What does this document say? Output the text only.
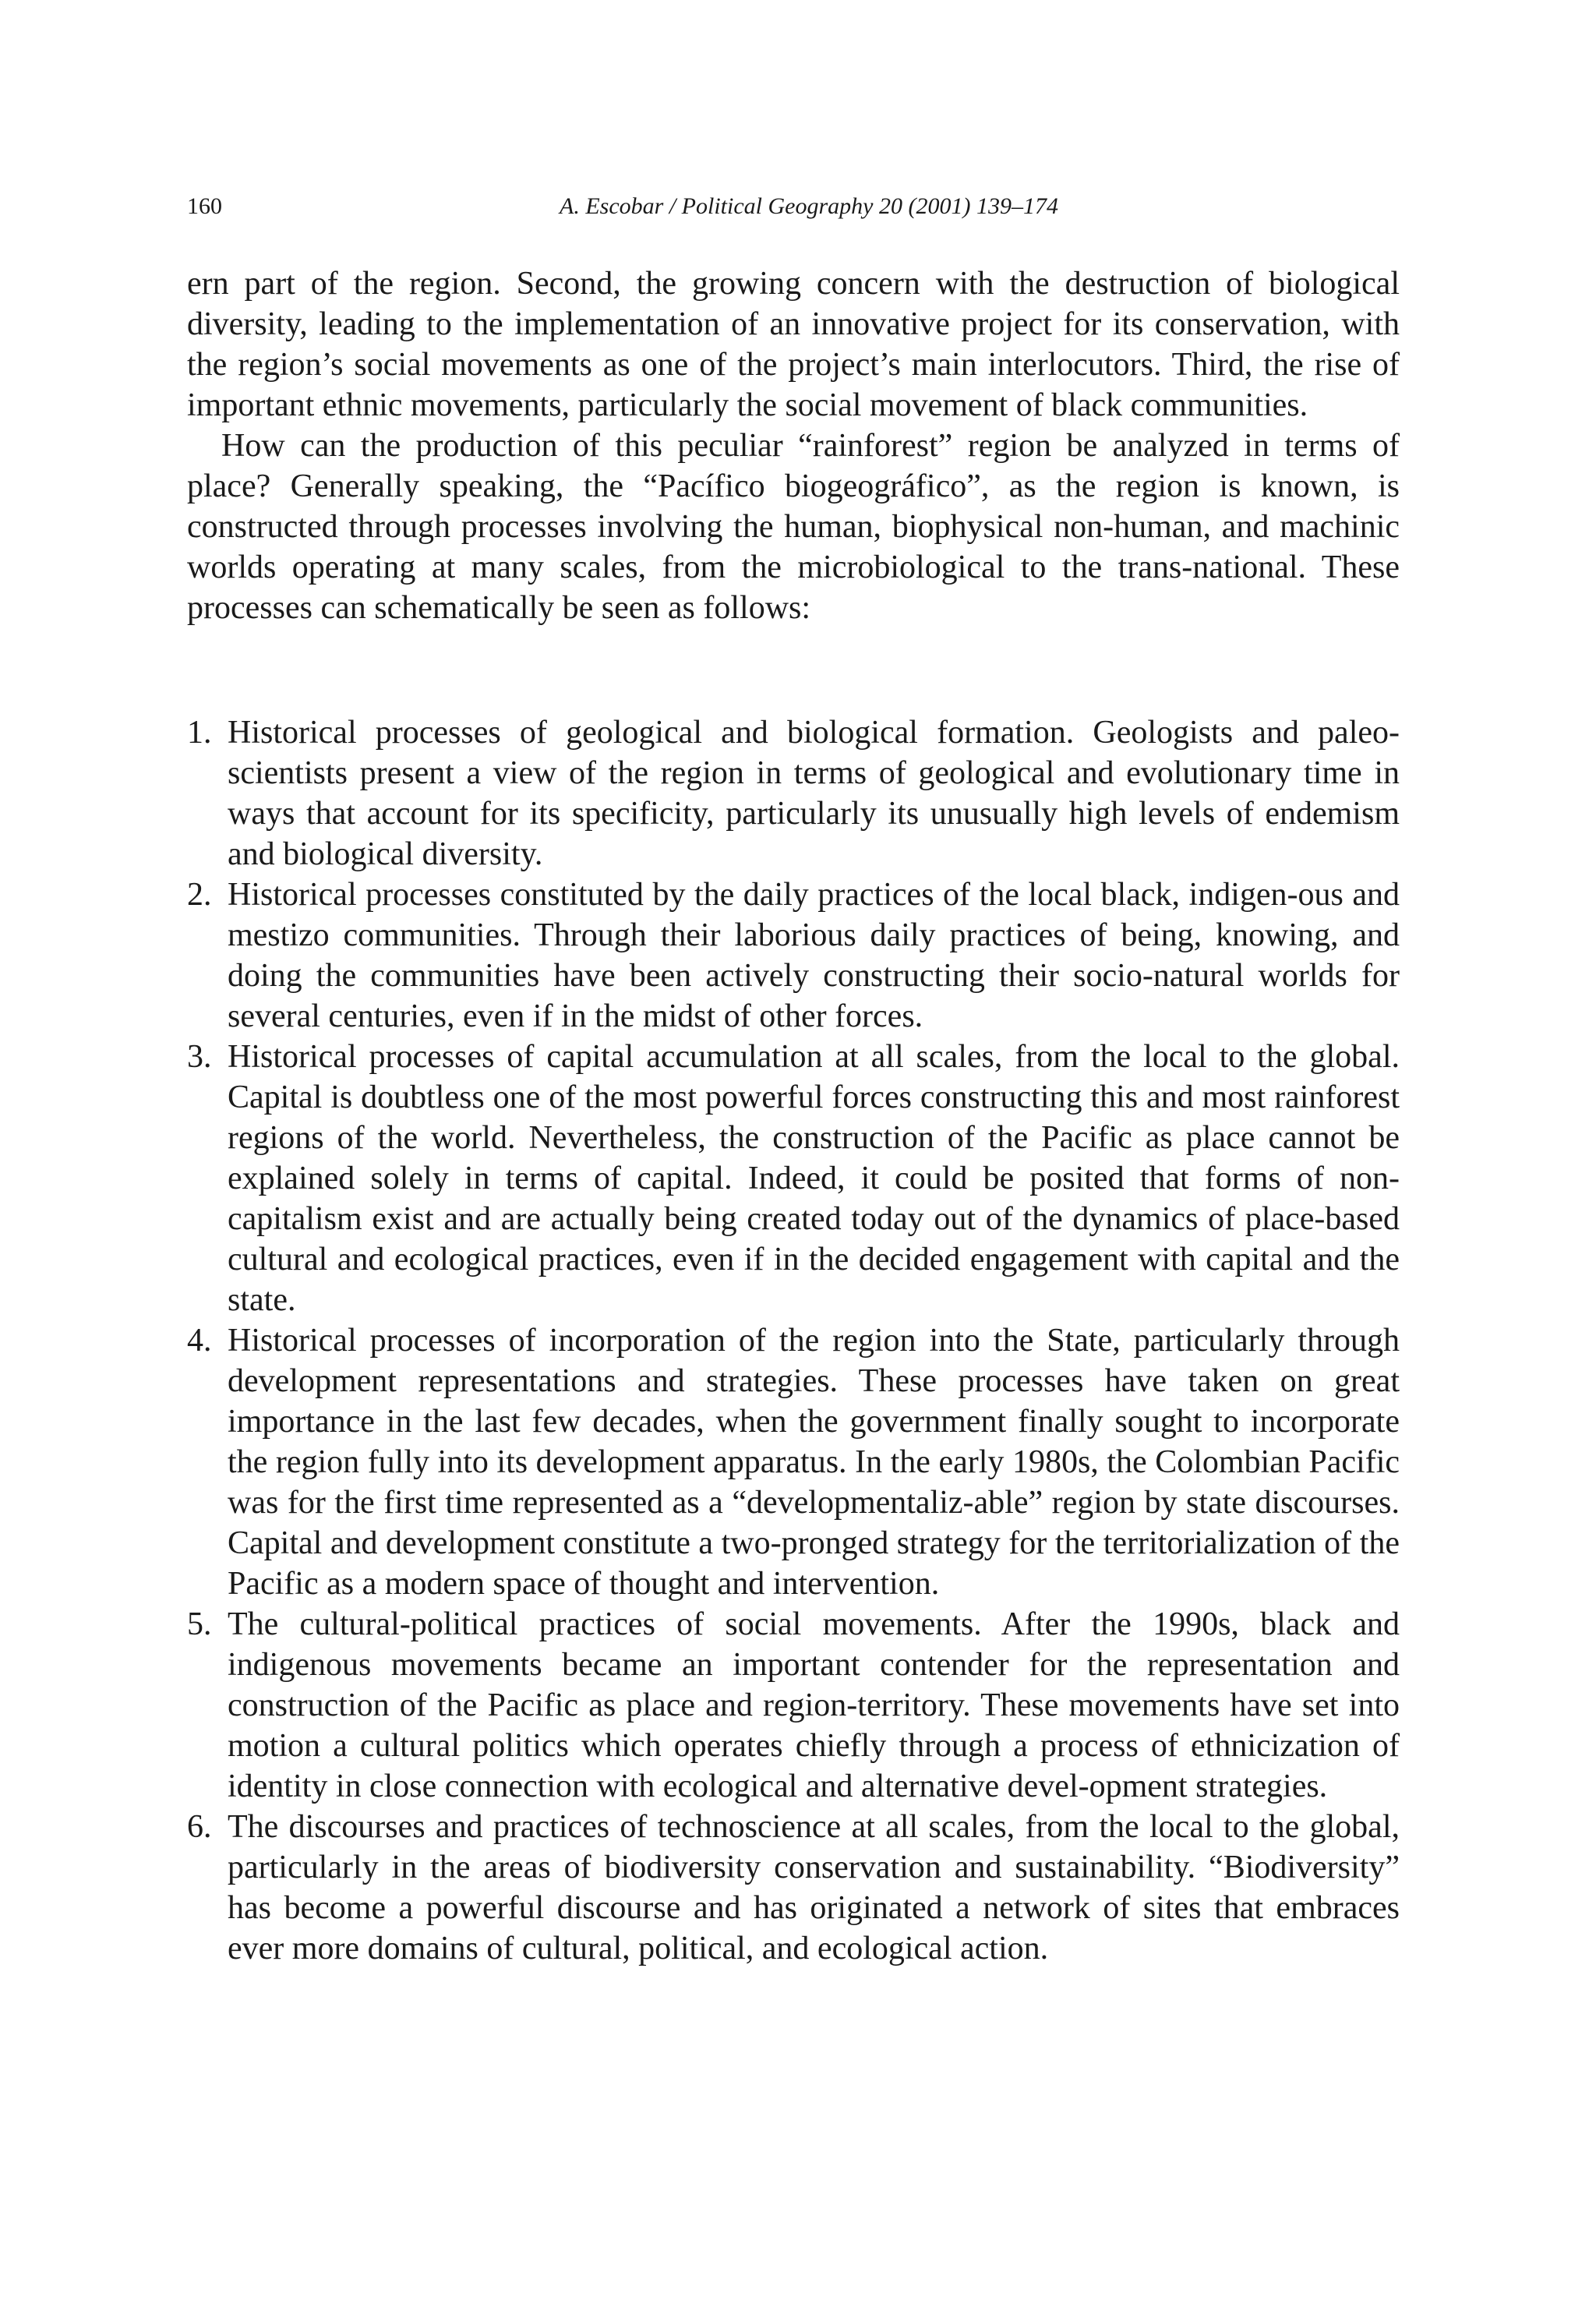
160	A. Escobar / Political Geography 20 (2001) 139–174

ern part of the region. Second, the growing concern with the destruction of biological diversity, leading to the implementation of an innovative project for its conservation, with the region’s social movements as one of the project’s main interlocutors. Third, the rise of important ethnic movements, particularly the social movement of black communities.

How can the production of this peculiar “rainforest” region be analyzed in terms of place? Generally speaking, the “Pacífico biogeográfico”, as the region is known, is constructed through processes involving the human, biophysical non-human, and machinic worlds operating at many scales, from the microbiological to the trans-national. These processes can schematically be seen as follows:

1. Historical processes of geological and biological formation. Geologists and paleo-scientists present a view of the region in terms of geological and evolutionary time in ways that account for its specificity, particularly its unusually high levels of endemism and biological diversity.
2. Historical processes constituted by the daily practices of the local black, indigen-ous and mestizo communities. Through their laborious daily practices of being, knowing, and doing the communities have been actively constructing their socio-natural worlds for several centuries, even if in the midst of other forces.
3. Historical processes of capital accumulation at all scales, from the local to the global. Capital is doubtless one of the most powerful forces constructing this and most rainforest regions of the world. Nevertheless, the construction of the Pacific as place cannot be explained solely in terms of capital. Indeed, it could be posited that forms of non-capitalism exist and are actually being created today out of the dynamics of place-based cultural and ecological practices, even if in the decided engagement with capital and the state.
4. Historical processes of incorporation of the region into the State, particularly through development representations and strategies. These processes have taken on great importance in the last few decades, when the government finally sought to incorporate the region fully into its development apparatus. In the early 1980s, the Colombian Pacific was for the first time represented as a “developmentaliz-able” region by state discourses. Capital and development constitute a two-pronged strategy for the territorialization of the Pacific as a modern space of thought and intervention.
5. The cultural-political practices of social movements. After the 1990s, black and indigenous movements became an important contender for the representation and construction of the Pacific as place and region-territory. These movements have set into motion a cultural politics which operates chiefly through a process of ethnicization of identity in close connection with ecological and alternative devel-opment strategies.
6. The discourses and practices of technoscience at all scales, from the local to the global, particularly in the areas of biodiversity conservation and sustainability. “Biodiversity” has become a powerful discourse and has originated a network of sites that embraces ever more domains of cultural, political, and ecological action.
